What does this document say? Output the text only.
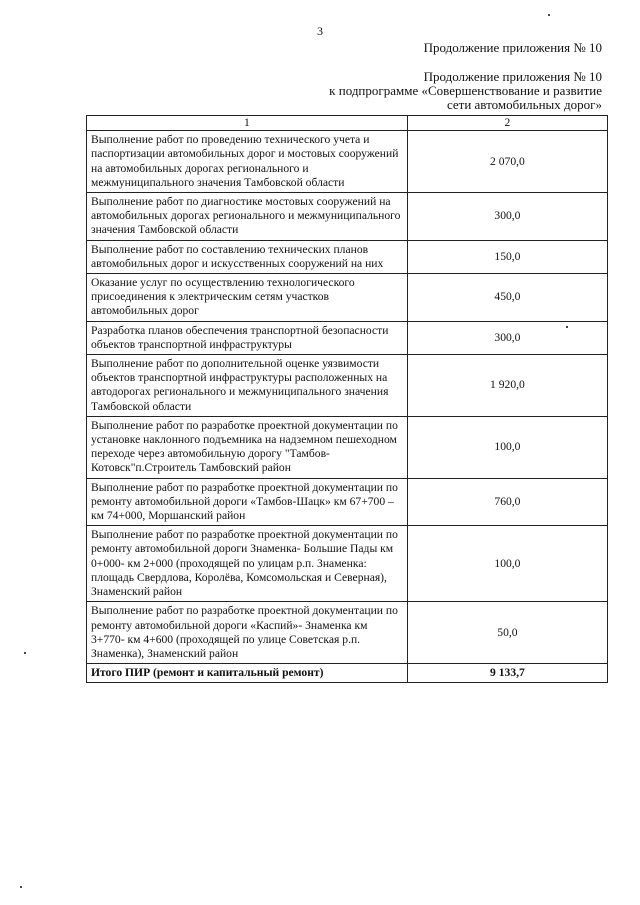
3
Продолжение приложения № 10
Продолжение приложения № 10
к подпрограмме «Совершенствование и развитие
сети автомобильных дорог»
1	2
Выполнение работ по проведению технического учета и паспортизации автомобильных дорог и мостовых сооружений на автомобильных дорогах регионального и межмуниципального значения Тамбовской области	2 070,0
Выполнение работ по диагностике мостовых сооружений на автомобильных дорогах регионального и межмуниципального значения Тамбовской области	300,0
Выполнение работ по составлению технических планов автомобильных дорог и искусственных сооружений на них	150,0
Оказание услуг по осуществлению технологического присоединения к электрическим сетям участков автомобильных дорог	450,0
Разработка планов обеспечения транспортной безопасности объектов транспортной инфраструктуры	300,0
Выполнение работ по дополнительной оценке уязвимости объектов транспортной инфраструктуры расположенных на автодорогах регионального и межмуниципального значения Тамбовской области	1 920,0
Выполнение работ по разработке проектной документации по установке наклонного подъемника на надземном пешеходном переходе через автомобильную дорогу "Тамбов-Котовск"п.Строитель Тамбовский район	100,0
Выполнение работ по разработке проектной документации по ремонту автомобильной дороги «Тамбов-Шацк» км 67+700 – км 74+000, Моршанский район	760,0
Выполнение работ по разработке проектной документации по ремонту автомобильной дороги Знаменка- Большие Пады км 0+000- км 2+000 (проходящей по улицам р.п. Знаменка: площадь Свердлова, Королёва, Комсомольская и Северная), Знаменский район	100,0
Выполнение работ по разработке проектной документации по ремонту автомобильной дороги «Каспий»- Знаменка км 3+770- км 4+600 (проходящей по улице Советская р.п. Знаменка), Знаменский район	50,0
Итого ПИР (ремонт и капитальный ремонт)	9 133,7
